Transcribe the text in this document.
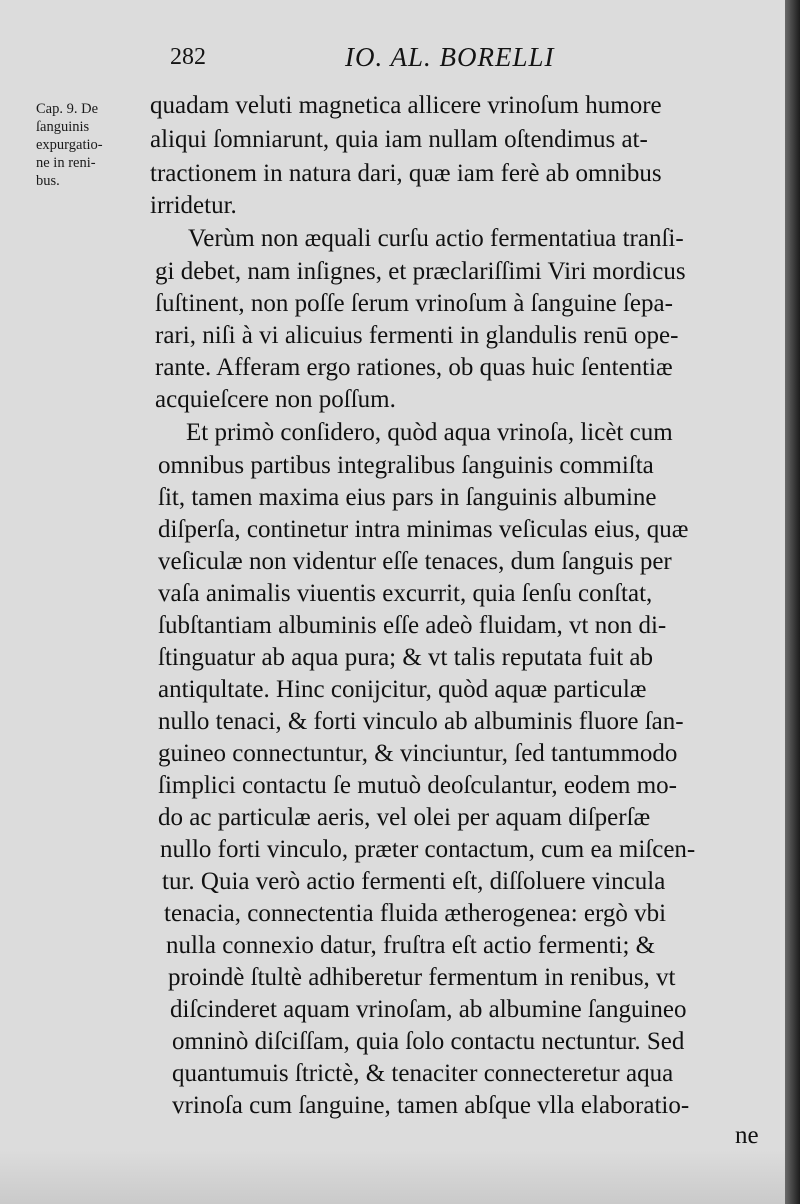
282	IO. AL. BORELLI
Cap. 9. De
ſanguinis
expurgatio-
ne in reni-
bus.
quadam veluti magnetica allicere vrinoſum humore
aliqui ſomniarunt, quia iam nullam oſtendimus at-
tractionem in natura dari, quæ iam ferè ab omnibus
irridetur.
Verùm non æquali curſu actio fermentatiua tranſi-
gi debet, nam inſignes, et præclariſſimi Viri mordicus
ſuſtinent, non poſſe ſerum vrinoſum à ſanguine ſepa-
rari, niſi à vi alicuius fermenti in glandulis renū ope-
rante. Afferam ergo rationes, ob quas huic ſententiæ
acquieſcere non poſſum.
Et primò conſidero, quòd aqua vrinoſa, licèt cum
omnibus partibus integralibus ſanguinis commiſta
ſit, tamen maxima eius pars in ſanguinis albumine
diſperſa, continetur intra minimas veſiculas eius, quæ
veſiculæ non videntur eſſe tenaces, dum ſanguis per
vaſa animalis viuentis excurrit, quia ſenſu conſtat,
ſubſtantiam albuminis eſſe adeò fluidam, vt non di-
ſtinguatur ab aqua pura; & vt talis reputata fuit ab
antiqultate. Hinc conijcitur, quòd aquæ particulæ
nullo tenaci, & forti vinculo ab albuminis fluore ſan-
guineo connectuntur, & vinciuntur, ſed tantummodo
ſimplici contactu ſe mutuò deoſculantur, eodem mo-
do ac particulæ aeris, vel olei per aquam diſperſæ
nullo forti vinculo, præter contactum, cum ea miſcen-
tur. Quia verò actio fermenti eſt, diſſoluere vincula
tenacia, connectentia fluida ætherogenea: ergò vbi
nulla connexio datur, fruſtra eſt actio fermenti; &
proindè ſtultè adhiberetur fermentum in renibus, vt
diſcinderet aquam vrinoſam, ab albumine ſanguineo
omninò diſciſſam, quia ſolo contactu nectuntur. Sed
quantumuis ſtrictè, & tenaciter connecteretur aqua
vrinoſa cum ſanguine, tamen abſque vlla elaboratio-
ne
